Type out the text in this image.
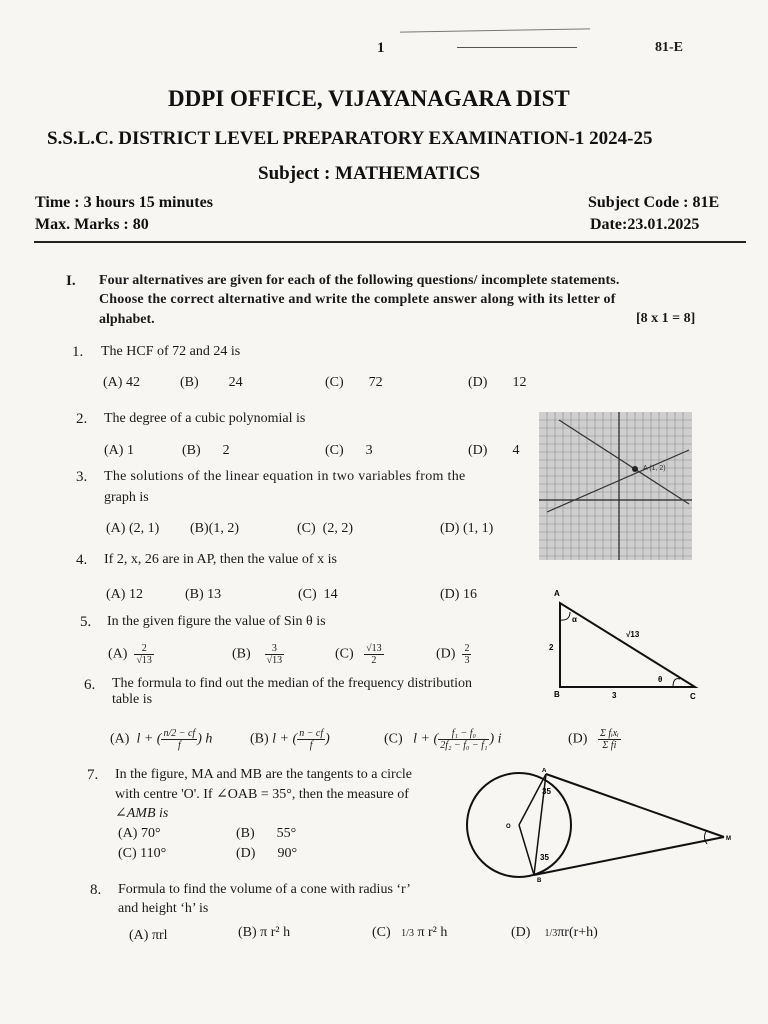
1	81-E
DDPI OFFICE, VIJAYANAGARA DIST
S.S.L.C. DISTRICT LEVEL PREPARATORY EXAMINATION-1 2024-25
Subject : MATHEMATICS
Time : 3 hours 15 minutes
Max. Marks : 80
Subject Code : 81E
Date:23.01.2025
I. Four alternatives are given for each of the following questions/ incomplete statements.
Choose the correct alternative and write the complete answer along with its letter of
alphabet.	[8 x 1 = 8]
1. The HCF of 72 and 24 is
(A) 42	(B) 24	(C) 72	(D) 12
2. The degree of a cubic polynomial is
(A) 1	(B) 2	(C) 3	(D) 4
3. The solutions of the linear equation in two variables from the
graph is
(A) (2, 1) (B)(1, 2)	(C) (2, 2)	(D) (1, 1)
A (1, 2)
4. If 2, x, 26 are in AP, then the value of x is
(A) 12	(B) 13	(C) 14	(D) 16
5. In the given figure the value of Sin θ is
$(A) \frac{2}{√13}$	$(B) \frac{3}{√13}$	$(C) \frac{√13}{2}$	$(D) \frac{2}{3}$
A
B	C
2
3
√13
α
θ
6. The formula to find out the median of the frequency distribution
table is
(A) l + ( $\frac{n/2 - cf}{f}$ ) h	(B) l + ( $\frac{n - cf}{f}$ )	(C) l + ( $\frac{\text{f₁ − f₀}}{\text{2f₂ − f₀ − f₁}}$ ) i	$(D) \frac{\text{Σ fᵢxᵢ}}{\text{Σ fi}}$
7. In the figure, MA and MB are the tangents to a circle
with centre 'O'. If ∠OAB = 35°, then the measure of
∠AMB is
(A) 70°	(B) 55°
(C) 110°	(D) 90°
A
B
M
O
35
35
8. Formula to find the volume of a cone with radius ‘r’
and height ‘h’ is
(A) πrl	(B) π r² h	(C) 1/3 π r² h	(D) 1/3πr(r+h)
